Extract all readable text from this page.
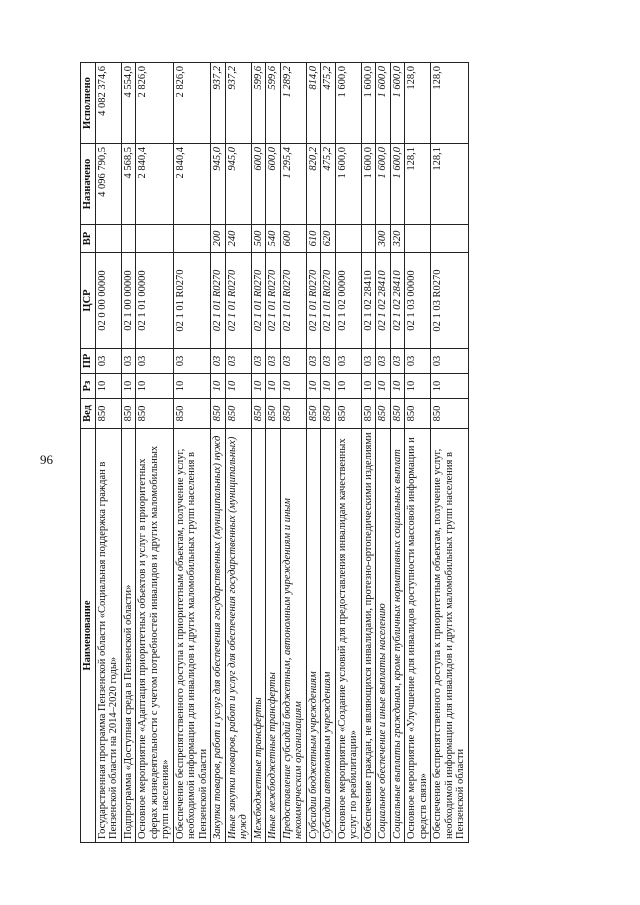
96
Наименование	Вед	Рз	ПР	ЦСР	ВР	Назначено	Исполнено
Государственная программа Пензенской области «Социальная поддержка граждан в Пензенской области на 2014–2020 годы»	850	10	03	02 0 00 00000		4 096 790,5	4 082 374,6
Подпрограмма «Доступная среда в Пензенской области»	850	10	03	02 1 00 00000		4 568,5	4 554,0
Основное мероприятие «Адаптация приоритетных объектов и услуг в приоритетных сферах жизнедеятельности с учетом потребностей инвалидов и других маломобильных групп населения»	850	10	03	02 1 01 00000		2 840,4	2 826,0
Обеспечение беспрепятственного доступа к приоритетным объектам, получение услуг, необходимой информации для инвалидов и других маломобильных групп населения в Пензенской области	850	10	03	02 1 01 R0270		2 840,4	2 826,0
Закупка товаров, работ и услуг для обеспечения государственных (муниципальных) нужд	850	10	03	02 1 01 R0270	200	945,0	937,2
Иные закупки товаров, работ и услуг для обеспечения государственных (муниципальных) нужд	850	10	03	02 1 01 R0270	240	945,0	937,2
Межбюджетные трансферты	850	10	03	02 1 01 R0270	500	600,0	599,6
Иные межбюджетные трансферты	850	10	03	02 1 01 R0270	540	600,0	599,6
Предоставление субсидий бюджетным, автономным учреждениям и иным некоммерческим организациям	850	10	03	02 1 01 R0270	600	1 295,4	1 289,2
Субсидии бюджетным учреждениям	850	10	03	02 1 01 R0270	610	820,2	814,0
Субсидии автономным учреждениям	850	10	03	02 1 01 R0270	620	475,2	475,2
Основное мероприятие «Создание условий для предоставления инвалидам качественных услуг по реабилитации»	850	10	03	02 1 02 00000		1 600,0	1 600,0
Обеспечение граждан, не являющихся инвалидами, протезно-ортопедическими изделиями	850	10	03	02 1 02 28410		1 600,0	1 600,0
Социальное обеспечение и иные выплаты населению	850	10	03	02 1 02 28410	300	1 600,0	1 600,0
Социальные выплаты гражданам, кроме публичных нормативных социальных выплат	850	10	03	02 1 02 28410	320	1 600,0	1 600,0
Основное мероприятие «Улучшение для инвалидов доступности массовой информации и средств связи»	850	10	03	02 1 03 00000		128,1	128,0
Обеспечение беспрепятственного доступа к приоритетным объектам, получение услуг, необходимой информации для инвалидов и других маломобильных групп населения в Пензенской области	850	10	03	02 1 03 R0270		128,1	128,0
